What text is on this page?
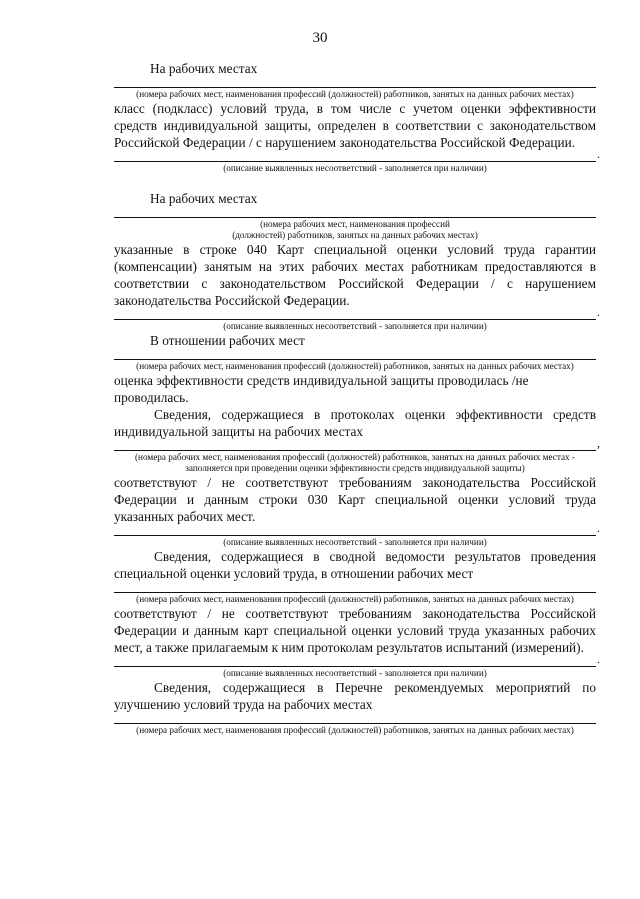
30

На рабочих местах

(номера рабочих мест, наименования профессий (должностей) работников, занятых на данных рабочих местах)

класс (подкласс) условий труда, в том числе с учетом оценки эффективности средств индивидуальной защиты, определен в соответствии с законодательством Российской Федерации / с нарушением законодательства Российской Федерации.

.

(описание выявленных несоответствий - заполняется при наличии)

На рабочих местах

(номера рабочих мест, наименования профессий

(должностей) работников, занятых на данных рабочих местах)

указанные в строке 040 Карт специальной оценки условий труда гарантии (компенсации) занятым на этих рабочих местах работникам предоставляются в соответствии с законодательством Российской Федерации / с нарушением законодательства Российской Федерации.

.

(описание выявленных несоответствий - заполняется при наличии)

В отношении рабочих мест

(номера рабочих мест, наименования профессий (должностей) работников, занятых на данных рабочих местах)

оценка эффективности средств индивидуальной защиты проводилась /не проводилась.

Сведения, содержащиеся в протоколах оценки эффективности средств индивидуальной защиты на рабочих местах

,

(номера рабочих мест, наименования профессий (должностей) работников, занятых на данных рабочих местах - заполняется при проведении оценки эффективности средств индивидуальной защиты)

соответствуют / не соответствуют требованиям законодательства Российской Федерации и данным строки 030 Карт специальной оценки условий труда указанных рабочих мест.

.

(описание выявленных несоответствий - заполняется при наличии)

Сведения, содержащиеся в сводной ведомости результатов проведения специальной оценки условий труда, в отношении рабочих мест

(номера рабочих мест, наименования профессий (должностей) работников, занятых на данных рабочих местах)

соответствуют / не соответствуют требованиям законодательства Российской Федерации и данным карт специальной оценки условий труда указанных рабочих мест, а также прилагаемым к ним протоколам результатов испытаний (измерений).

.

(описание выявленных несоответствий - заполняется при наличии)

Сведения, содержащиеся в Перечне рекомендуемых мероприятий по улучшению условий труда на рабочих местах

(номера рабочих мест, наименования профессий (должностей) работников, занятых на данных рабочих местах)
